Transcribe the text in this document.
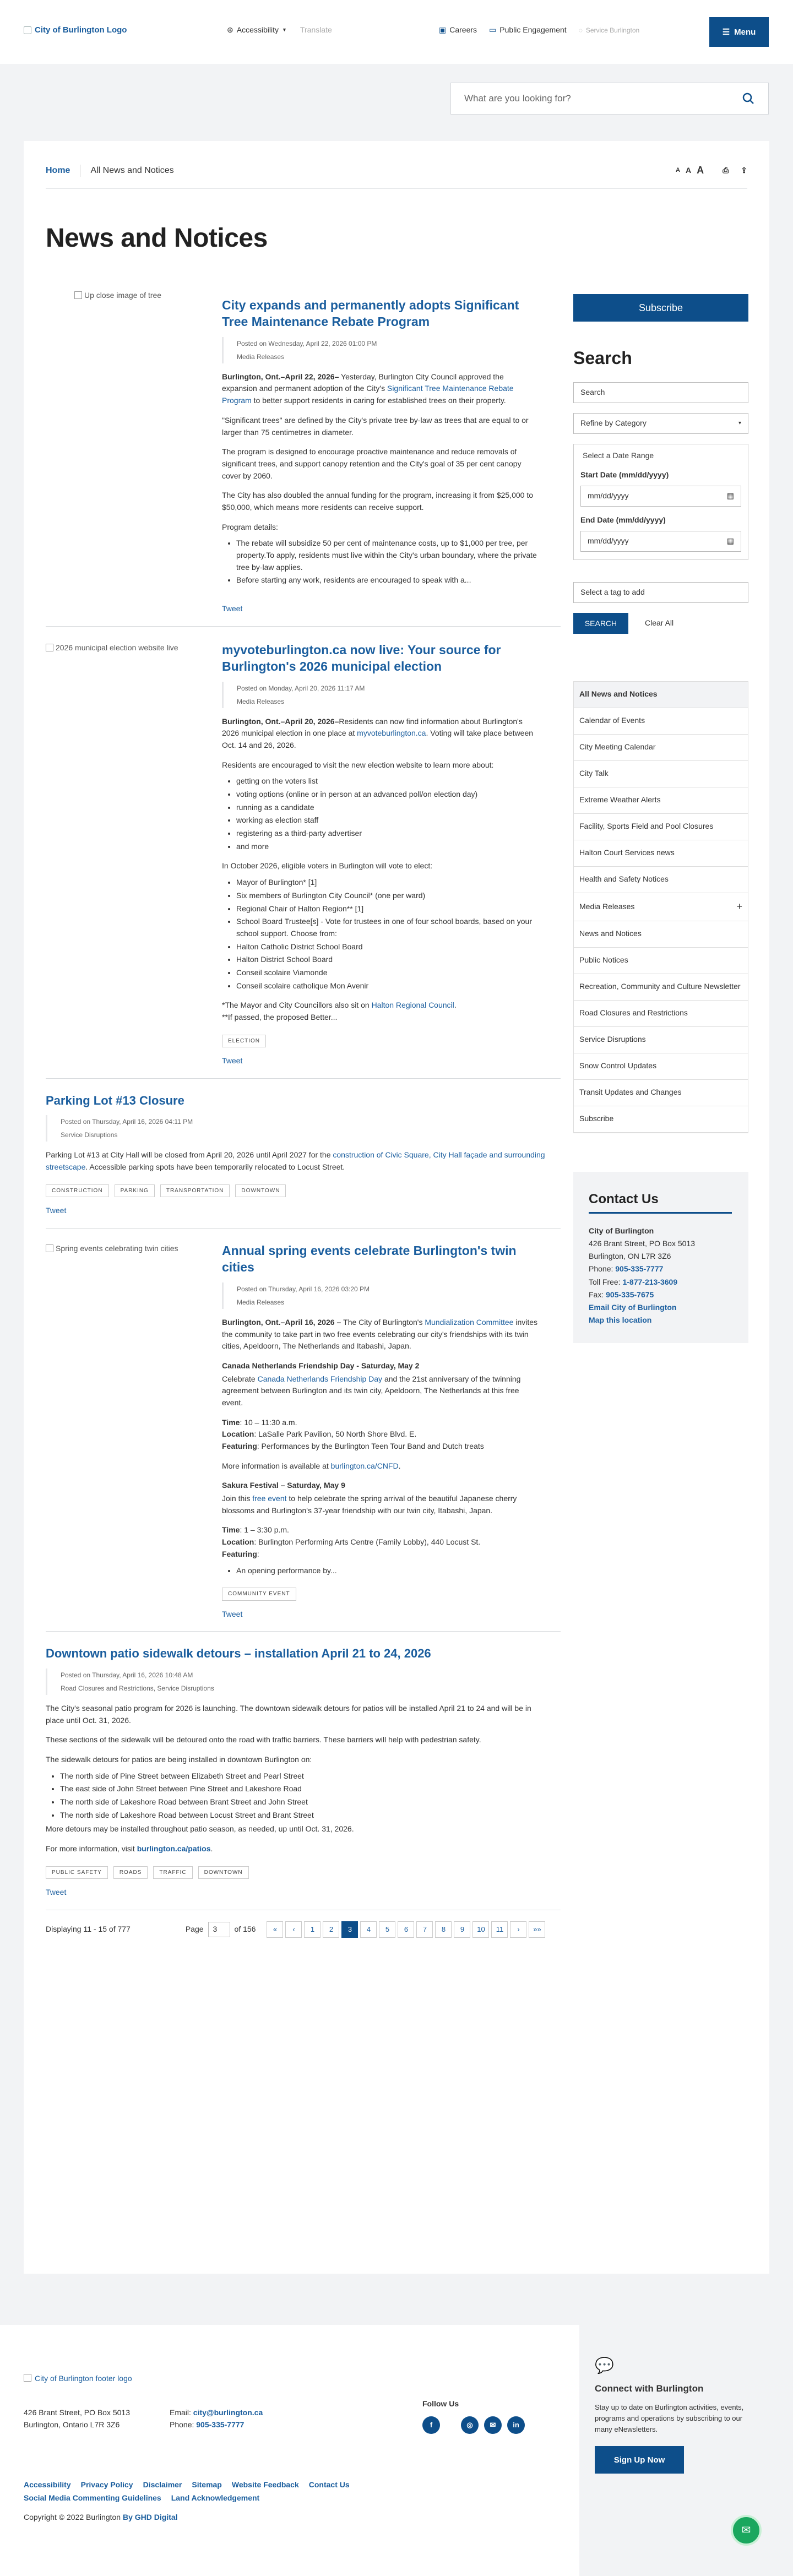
City of Burlington Logo	⊕ Accessibility ▼ Translate	▣ Careers ▭ Public Engagement ◌ Service Burlington	☰ Menu
What are you looking for?
Home All News and Notices	A A A ⎙ ⇪
News and Notices
Up close image of tree
City expands and permanently adopts Significant Tree Maintenance Rebate Program
Posted on Wednesday, April 22, 2026 01:00 PM
Media Releases

Burlington, Ont.–April 22, 2026– Yesterday, Burlington City Council approved the expansion and permanent adoption of the City's Significant Tree Maintenance Rebate Program to better support residents in caring for established trees on their property.

"Significant trees" are defined by the City's private tree by-law as trees that are equal to or larger than 75 centimetres in diameter.

The program is designed to encourage proactive maintenance and reduce removals of significant trees, and support canopy retention and the City's goal of 35 per cent canopy cover by 2060.

The City has also doubled the annual funding for the program, increasing it from $25,000 to $50,000, which means more residents can receive support.

Program details:

• The rebate will subsidize 50 per cent of maintenance costs, up to $1,000 per tree, per property.To apply, residents must live within the City's urban boundary, where the private tree by-law applies.
• Before starting any work, residents are encouraged to speak with a...
Tweet
2026 municipal election website live	myvoteburlington.ca now live: Your source for Burlington's 2026 municipal election
Posted on Monday, April 20, 2026 11:17 AM
Media Releases

Burlington, Ont.–April 20, 2026–Residents can now find information about Burlington's 2026 municipal election in one place at myvoteburlington.ca. Voting will take place between Oct. 14 and 26, 2026.

Residents are encouraged to visit the new election website to learn more about:

• getting on the voters list
• voting options (online or in person at an advanced poll/on election day)
• running as a candidate
• working as election staff
• registering as a third-party advertiser
• and more

In October 2026, eligible voters in Burlington will vote to elect:

• Mayor of Burlington* [1]
• Six members of Burlington City Council* (one per ward)
• Regional Chair of Halton Region** [1]
• School Board Trustee[s] - Vote for trustees in one of four school boards, based on your school support. Choose from:
• Halton Catholic District School Board
• Halton District School Board
• Conseil scolaire Viamonde
• Conseil scolaire catholique Mon Avenir

*The Mayor and City Councillors also sit on Halton Regional Council.
**If passed, the proposed Better...

ELECTION
Tweet
Parking Lot #13 Closure
Posted on Thursday, April 16, 2026 04:11 PM
Service Disruptions

Parking Lot #13 at City Hall will be closed from April 20, 2026 until April 2027 for the construction of Civic Square, City Hall façade and surrounding streetscape. Accessible parking spots have been temporarily relocated to Locust Street.

CONSTRUCTION	PARKING	TRANSPORTATION	DOWNTOWN
Tweet
Spring events celebrating twin cities	Annual spring events celebrate Burlington's twin cities
Posted on Thursday, April 16, 2026 03:20 PM
Media Releases

Burlington, Ont.–April 16, 2026 – The City of Burlington's Mundialization Committee invites the community to take part in two free events celebrating our city's friendships with its twin cities, Apeldoorn, The Netherlands and Itabashi, Japan.

Canada Netherlands Friendship Day - Saturday, May 2

Celebrate Canada Netherlands Friendship Day and the 21st anniversary of the twinning agreement between Burlington and its twin city, Apeldoorn, The Netherlands at this free event.

Time: 10 – 11:30 a.m.
Location: LaSalle Park Pavilion, 50 North Shore Blvd. E.
Featuring: Performances by the Burlington Teen Tour Band and Dutch treats

More information is available at burlington.ca/CNFD.

Sakura Festival – Saturday, May 9

Join this free event to help celebrate the spring arrival of the beautiful Japanese cherry blossoms and Burlington's 37-year friendship with our twin city, Itabashi, Japan.

Time: 1 – 3:30 p.m.
Location: Burlington Performing Arts Centre (Family Lobby), 440 Locust St.
Featuring:

• An opening performance by...
COMMUNITY EVENT
Tweet
Downtown patio sidewalk detours – installation April 21 to 24, 2026
Posted on Thursday, April 16, 2026 10:48 AM
Road Closures and Restrictions, Service Disruptions

The City's seasonal patio program for 2026 is launching. The downtown sidewalk detours for patios will be installed April 21 to 24 and will be in place until Oct. 31, 2026.

These sections of the sidewalk will be detoured onto the road with traffic barriers. These barriers will help with pedestrian safety.

The sidewalk detours for patios are being installed in downtown Burlington on:

• The north side of Pine Street between Elizabeth Street and Pearl Street
• The east side of John Street between Pine Street and Lakeshore Road
• The north side of Lakeshore Road between Brant Street and John Street
• The north side of Lakeshore Road between Locust Street and Brant Street

More detours may be installed throughout patio season, as needed, up until Oct. 31, 2026.

For more information, visit burlington.ca/patios.

PUBLIC SAFETY	ROADS	TRAFFIC	DOWNTOWN
Tweet
Displaying 11 - 15 of 777	Page	3	of 156	«	‹	1	2	3	4	5	6	7	8	9	10	11	›	»»
Subscribe
Search
Search
Refine by Category	▾
Select a Date Range
Start Date (mm/dd/yyyy)
mm/dd/yyyy	▦
End Date (mm/dd/yyyy)
mm/dd/yyyy	▦
Select a tag to add
SEARCH	Clear All
All News and Notices
Calendar of Events
City Meeting Calendar
City Talk
Extreme Weather Alerts
Facility, Sports Field and Pool Closures
Halton Court Services news
Health and Safety Notices
Media Releases	+
News and Notices
Public Notices
Recreation, Community and Culture Newsletter
Road Closures and Restrictions
Service Disruptions
Snow Control Updates
Transit Updates and Changes
Subscribe
Contact Us
City of Burlington
426 Brant Street, PO Box 5013
Burlington, ON L7R 3Z6
Phone: 905-335-7777
Toll Free: 1-877-213-3609
Fax: 905-335-7675
Email City of Burlington
Map this location
City of Burlington footer logo
426 Brant Street, PO Box 5013
Burlington, Ontario L7R 3Z6
Email: city@burlington.ca
Phone: 905-335-7777
Follow Us
f	◎	✉	in
Accessibility Privacy Policy Disclaimer Sitemap Website Feedback Contact Us
Social Media Commenting Guidelines Land Acknowledgement
Copyright © 2022 Burlington By GHD Digital
💬
Connect with Burlington
Stay up to date on Burlington activities, events, programs and operations by subscribing to our many eNewsletters.
Sign Up Now
✉
